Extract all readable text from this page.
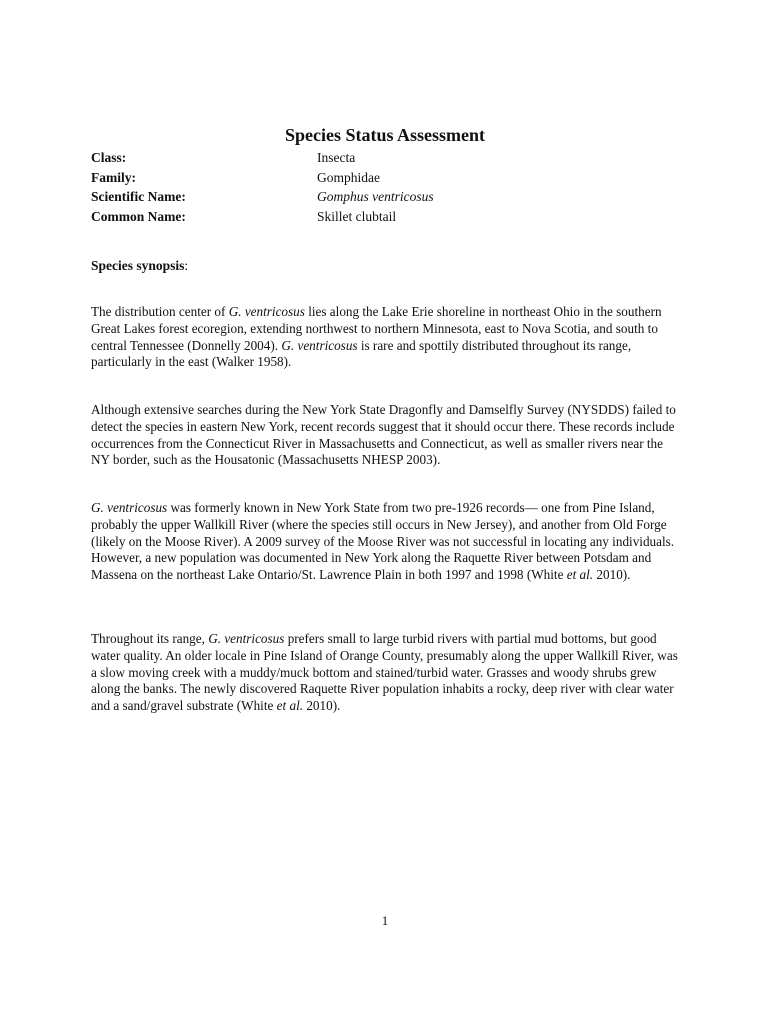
Species Status Assessment
Class:	Insecta
Family:	Gomphidae
Scientific Name:	Gomphus ventricosus
Common Name:	Skillet clubtail
Species synopsis:

The distribution center of G. ventricosus lies along the Lake Erie shoreline in northeast Ohio in the southern Great Lakes forest ecoregion, extending northwest to northern Minnesota, east to Nova Scotia, and south to central Tennessee (Donnelly 2004). G. ventricosus is rare and spottily distributed throughout its range, particularly in the east (Walker 1958).

Although extensive searches during the New York State Dragonfly and Damselfly Survey (NYSDDS) failed to detect the species in eastern New York, recent records suggest that it should occur there. These records include occurrences from the Connecticut River in Massachusetts and Connecticut, as well as smaller rivers near the NY border, such as the Housatonic (Massachusetts NHESP 2003).

G. ventricosus was formerly known in New York State from two pre-1926 records— one from Pine Island, probably the upper Wallkill River (where the species still occurs in New Jersey), and another from Old Forge (likely on the Moose River). A 2009 survey of the Moose River was not successful in locating any individuals. However, a new population was documented in New York along the Raquette River between Potsdam and Massena on the northeast Lake Ontario/St. Lawrence Plain in both 1997 and 1998 (White et al. 2010).

Throughout its range, G. ventricosus prefers small to large turbid rivers with partial mud bottoms, but good water quality. An older locale in Pine Island of Orange County, presumably along the upper Wallkill River, was a slow moving creek with a muddy/muck bottom and stained/turbid water. Grasses and woody shrubs grew along the banks. The newly discovered Raquette River population inhabits a rocky, deep river with clear water and a sand/gravel substrate (White et al. 2010).

1
